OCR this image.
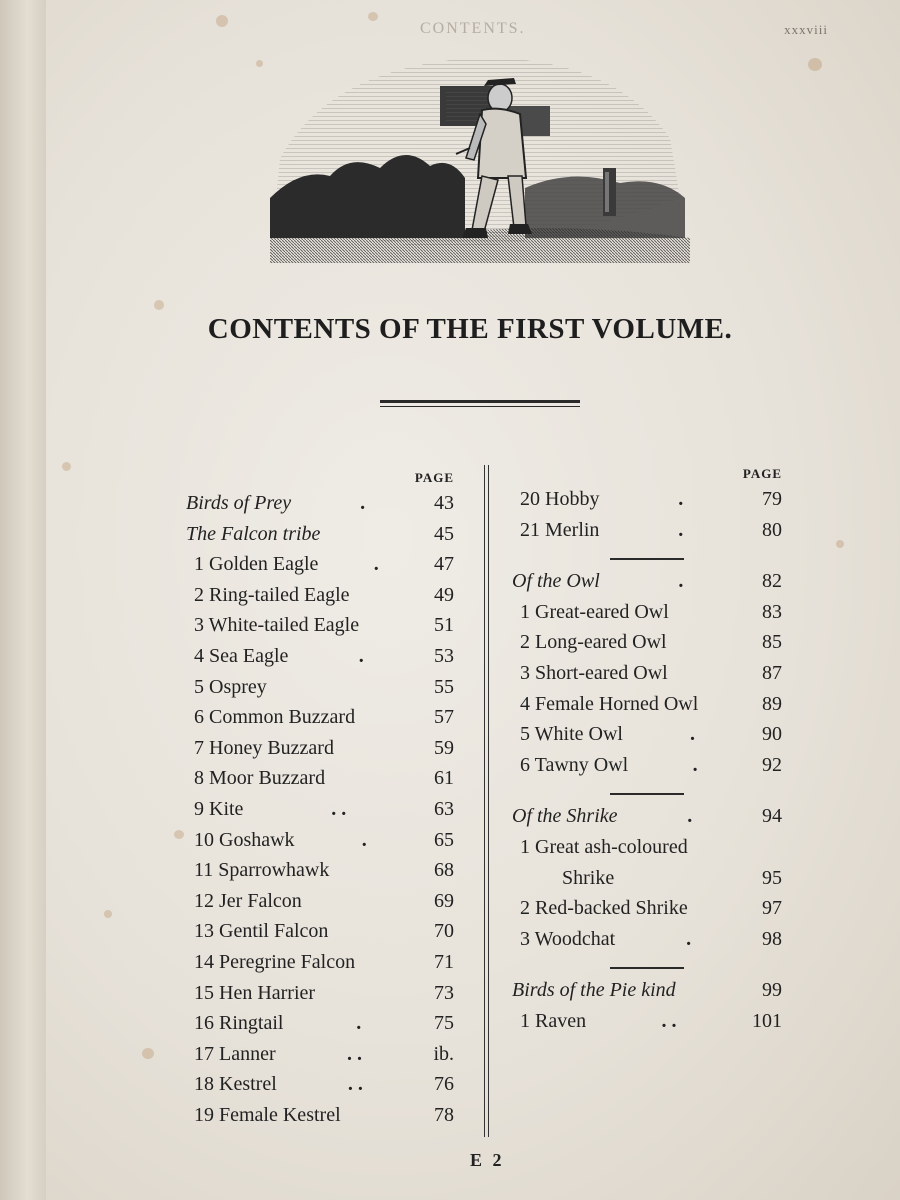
CONTENTS.	xxxviii
CONTENTS OF THE FIRST VOLUME.
PAGE
Birds of Prey	.	43
The Falcon tribe	45
1 Golden Eagle	.	47
2 Ring-tailed Eagle	49
3 White-tailed Eagle	51
4 Sea Eagle	.	53
5 Osprey	55
6 Common Buzzard	57
7 Honey Buzzard	59
8 Moor Buzzard	61
9 Kite	. .	63
10 Goshawk	.	65
11 Sparrowhawk	68
12 Jer Falcon	69
13 Gentil Falcon	70
14 Peregrine Falcon	71
15 Hen Harrier	73
16 Ringtail	.	75
17 Lanner	. .	ib.
18 Kestrel	. .	76
19 Female Kestrel	78
PAGE
20 Hobby	.	79
21 Merlin	.	80
Of the Owl	.	82
1 Great-eared Owl	83
2 Long-eared Owl	85
3 Short-eared Owl	87
4 Female Horned Owl	89
5 White Owl	.	90
6 Tawny Owl	.	92
Of the Shrike	.	94
1 Great ash-coloured
Shrike	95
2 Red-backed Shrike	97
3 Woodchat	.	98
Birds of the Pie kind	99
1 Raven	. .	101
E 2
